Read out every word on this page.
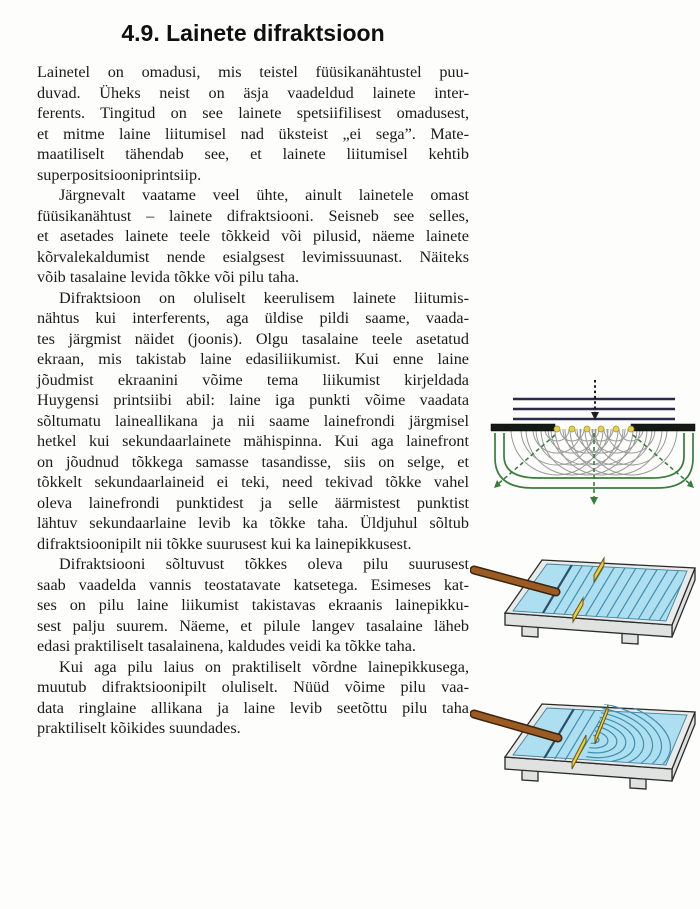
4.9. Lainete difraktsioon
Lainetel on omadusi, mis teistel füüsikanähtustel puu-
duvad. Üheks neist on äsja vaadeldud lainete inter-
ferents. Tingitud on see lainete spetsiifilisest omadusest,
et mitme laine liitumisel nad üksteist „ei sega”. Mate-
maatiliselt tähendab see, et lainete liitumisel kehtib
superpositsiooniprintsiip.
Järgnevalt vaatame veel ühte, ainult lainetele omast
füüsikanähtust – lainete difraktsiooni. Seisneb see selles,
et asetades lainete teele tõkkeid või pilusid, näeme lainete
kõrvalekaldumist nende esialgsest levimissuunast. Näiteks
võib tasalaine levida tõkke või pilu taha.
Difraktsioon on oluliselt keerulisem lainete liitumis-
nähtus kui interferents, aga üldise pildi saame, vaada-
tes järgmist näidet (joonis). Olgu tasalaine teele asetatud
ekraan, mis takistab laine edasiliikumist. Kui enne laine
jõudmist ekraanini võime tema liikumist kirjeldada
Huygensi printsiibi abil: laine iga punkti võime vaadata
sõltumatu laineallikana ja nii saame lainefrondi järgmisel
hetkel kui sekundaarlainete mähispinna. Kui aga lainefront
on jõudnud tõkkega samasse tasandisse, siis on selge, et
tõkkelt sekundaarlaineid ei teki, need tekivad tõkke vahel
oleva lainefrondi punktidest ja selle äärmistest punktist
lähtuv sekundaarlaine levib ka tõkke taha. Üldjuhul sõltub
difraktsioonipilt nii tõkke suurusest kui ka lainepikkusest.
Difraktsiooni sõltuvust tõkkes oleva pilu suurusest
saab vaadelda vannis teostatavate katsetega. Esimeses kat-
ses on pilu laine liikumist takistavas ekraanis lainepikku-
sest palju suurem. Näeme, et pilule langev tasalaine läheb
edasi praktiliselt tasalainena, kaldudes veidi ka tõkke taha.
Kui aga pilu laius on praktiliselt võrdne lainepikkusega,
muutub difraktsioonipilt oluliselt. Nüüd võime pilu vaa-
data ringlaine allikana ja laine levib seetõttu pilu taha
praktiliselt kõikides suundades.
